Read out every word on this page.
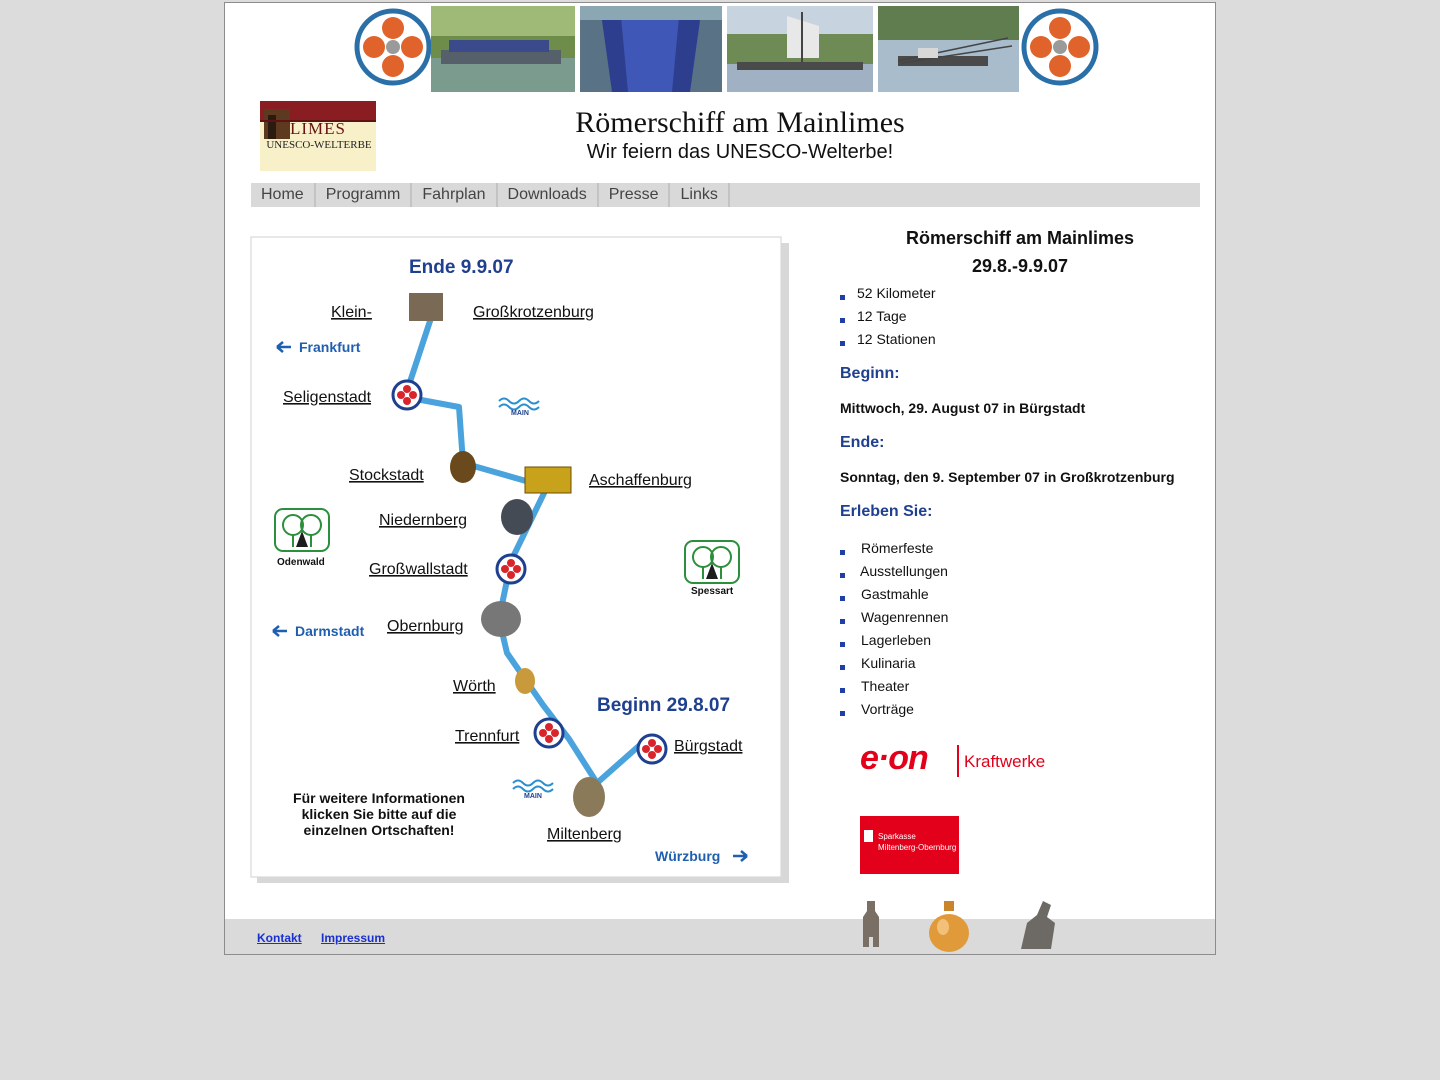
LIMES
UNESCO-WELTERBE
Römerschiff am Mainlimes
Wir feiern das UNESCO-Welterbe!
Home	Programm	Fahrplan	Downloads	Presse	Links
MAIN
MAIN
Odenwald
Spessart
Ende 9.9.07
Klein-	Großkrotzenburg
Seligenstadt
Stockstadt	Aschaffenburg
Niedernberg
Großwallstadt
Obernburg
Wörth
Trennfurt
Bürgstadt
Miltenberg
Beginn 29.8.07
Für weitere Informationen
klicken Sie bitte auf die
einzelnen Ortschaften!
Frankfurt
Darmstadt
Würzburg
Römerschiff am Mainlimes
29.8.-9.9.07
52 Kilometer
12 Tage
12 Stationen
Beginn:
Mittwoch, 29. August 07 in Bürgstadt
Ende:
Sonntag, den 9. September 07 in Großkrotzenburg
Erleben Sie:
Römerfeste
Ausstellungen
Gastmahle
Wagenrennen
Lagerleben
Kulinaria
Theater
Vorträge
e·on Kraftwerke
Sparkasse
Miltenberg-Obernburg
Kontakt Impressum
